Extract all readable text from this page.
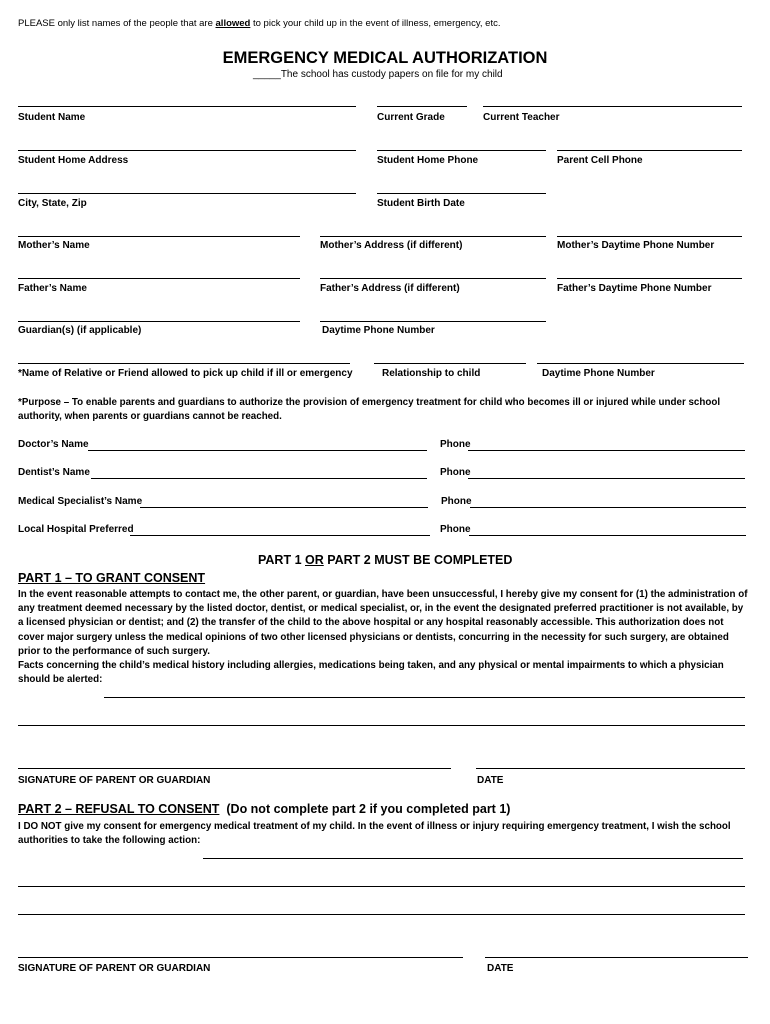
PLEASE only list names of the people that are allowed to pick your child up in the event of illness, emergency, etc.
EMERGENCY MEDICAL AUTHORIZATION
_____The school has custody papers on file for my child
Student Name	Current Grade	Current Teacher
Student Home Address	Student Home Phone	Parent Cell Phone
City, State, Zip	Student Birth Date
Mother’s Name	Mother’s Address (if different)	Mother’s Daytime Phone Number
Father’s Name	Father’s Address (if different)	Father’s Daytime Phone Number
Guardian(s) (if applicable)	Daytime Phone Number
*Name of Relative or Friend allowed to pick up child if ill or emergency	Relationship to child	Daytime Phone Number
*Purpose – To enable parents and guardians to authorize the provision of emergency treatment for child who becomes ill or injured while under school authority, when parents or guardians cannot be reached.
Doctor’s Name	Phone
Dentist’s Name	Phone
Medical Specialist’s Name	Phone
Local Hospital Preferred	Phone
PART 1 OR PART 2 MUST BE COMPLETED
PART 1 – TO GRANT CONSENT
In the event reasonable attempts to contact me, the other parent, or guardian, have been unsuccessful, I hereby give my consent for (1) the administration of any treatment deemed necessary by the listed doctor, dentist, or medical specialist, or, in the event the designated preferred practitioner is not available, by a licensed physician or dentist; and (2) the transfer of the child to the above hospital or any hospital reasonably accessible. This authorization does not cover major surgery unless the medical opinions of two other licensed physicians or dentists, concurring in the necessity for such surgery, are obtained prior to the performance of such surgery.
Facts concerning the child’s medical history including allergies, medications being taken, and any physical or mental impairments to which a physician should be alerted:
SIGNATURE OF PARENT OR GUARDIAN	DATE
PART 2 – REFUSAL TO CONSENT (Do not complete part 2 if you completed part 1)
I DO NOT give my consent for emergency medical treatment of my child. In the event of illness or injury requiring emergency treatment, I wish the school authorities to take the following action:
SIGNATURE OF PARENT OR GUARDIAN	DATE
